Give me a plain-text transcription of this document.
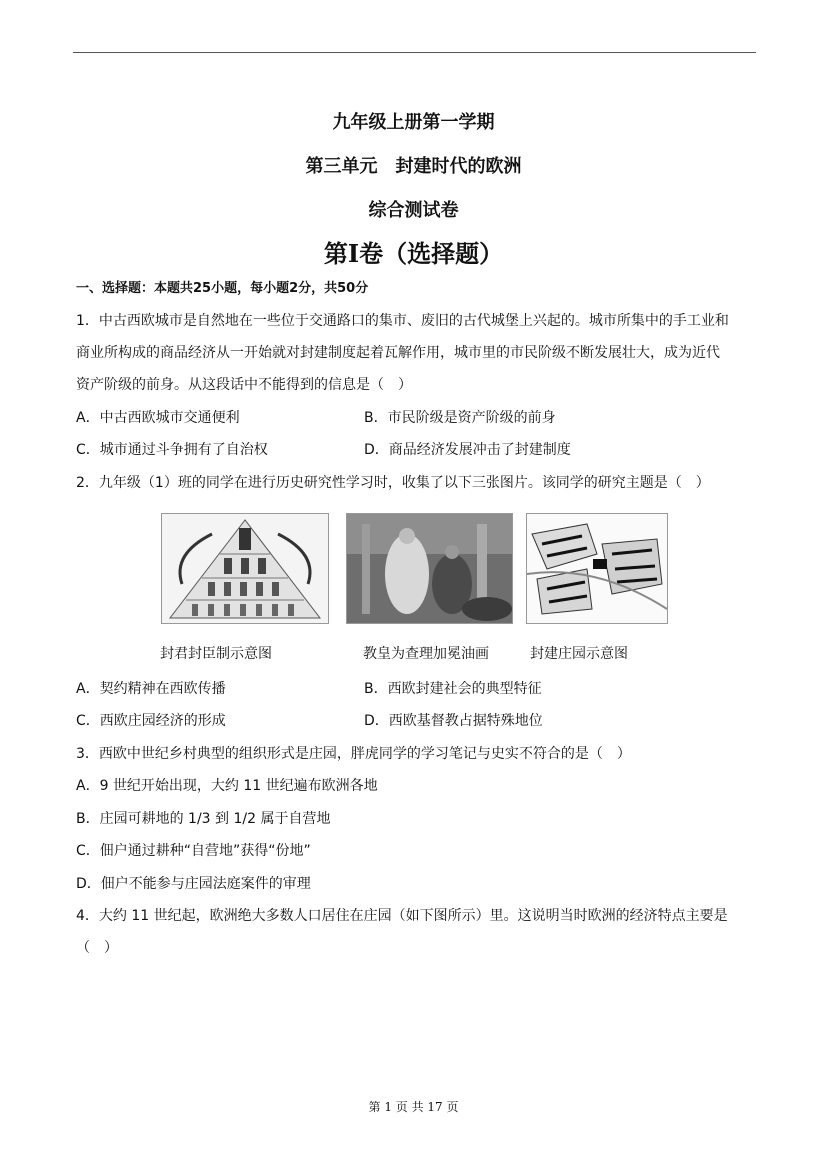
九年级上册第一学期
第三单元　封建时代的欧洲
综合测试卷
第Ⅰ卷（选择题）
一、选择题：本题共25小题，每小题2分，共50分
1．中古西欧城市是自然地在一些位于交通路口的集市、废旧的古代城堡上兴起的。城市所集中的手工业和
商业所构成的商品经济从一开始就对封建制度起着瓦解作用，城市里的市民阶级不断发展壮大，成为近代
资产阶级的前身。从这段话中不能得到的信息是（　）
A．中古西欧城市交通便利	B．市民阶级是资产阶级的前身
C．城市通过斗争拥有了自治权	D．商品经济发展冲击了封建制度
2．九年级（1）班的同学在进行历史研究性学习时，收集了以下三张图片。该同学的研究主题是（　）
封君封臣制示意图	教皇为查理加冕油画	封建庄园示意图
A．契约精神在西欧传播	B．西欧封建社会的典型特征
C．西欧庄园经济的形成	D．西欧基督教占据特殊地位
3．西欧中世纪乡村典型的组织形式是庄园，胖虎同学的学习笔记与史实不符合的是（　）
A．9 世纪开始出现，大约 11 世纪遍布欧洲各地
B．庄园可耕地的 1/3 到 1/2 属于自营地
C．佃户通过耕种“自营地”获得“份地”
D．佃户不能参与庄园法庭案件的审理
4．大约 11 世纪起，欧洲绝大多数人口居住在庄园（如下图所示）里。这说明当时欧洲的经济特点主要是
（　）
第 1 页 共 17 页
